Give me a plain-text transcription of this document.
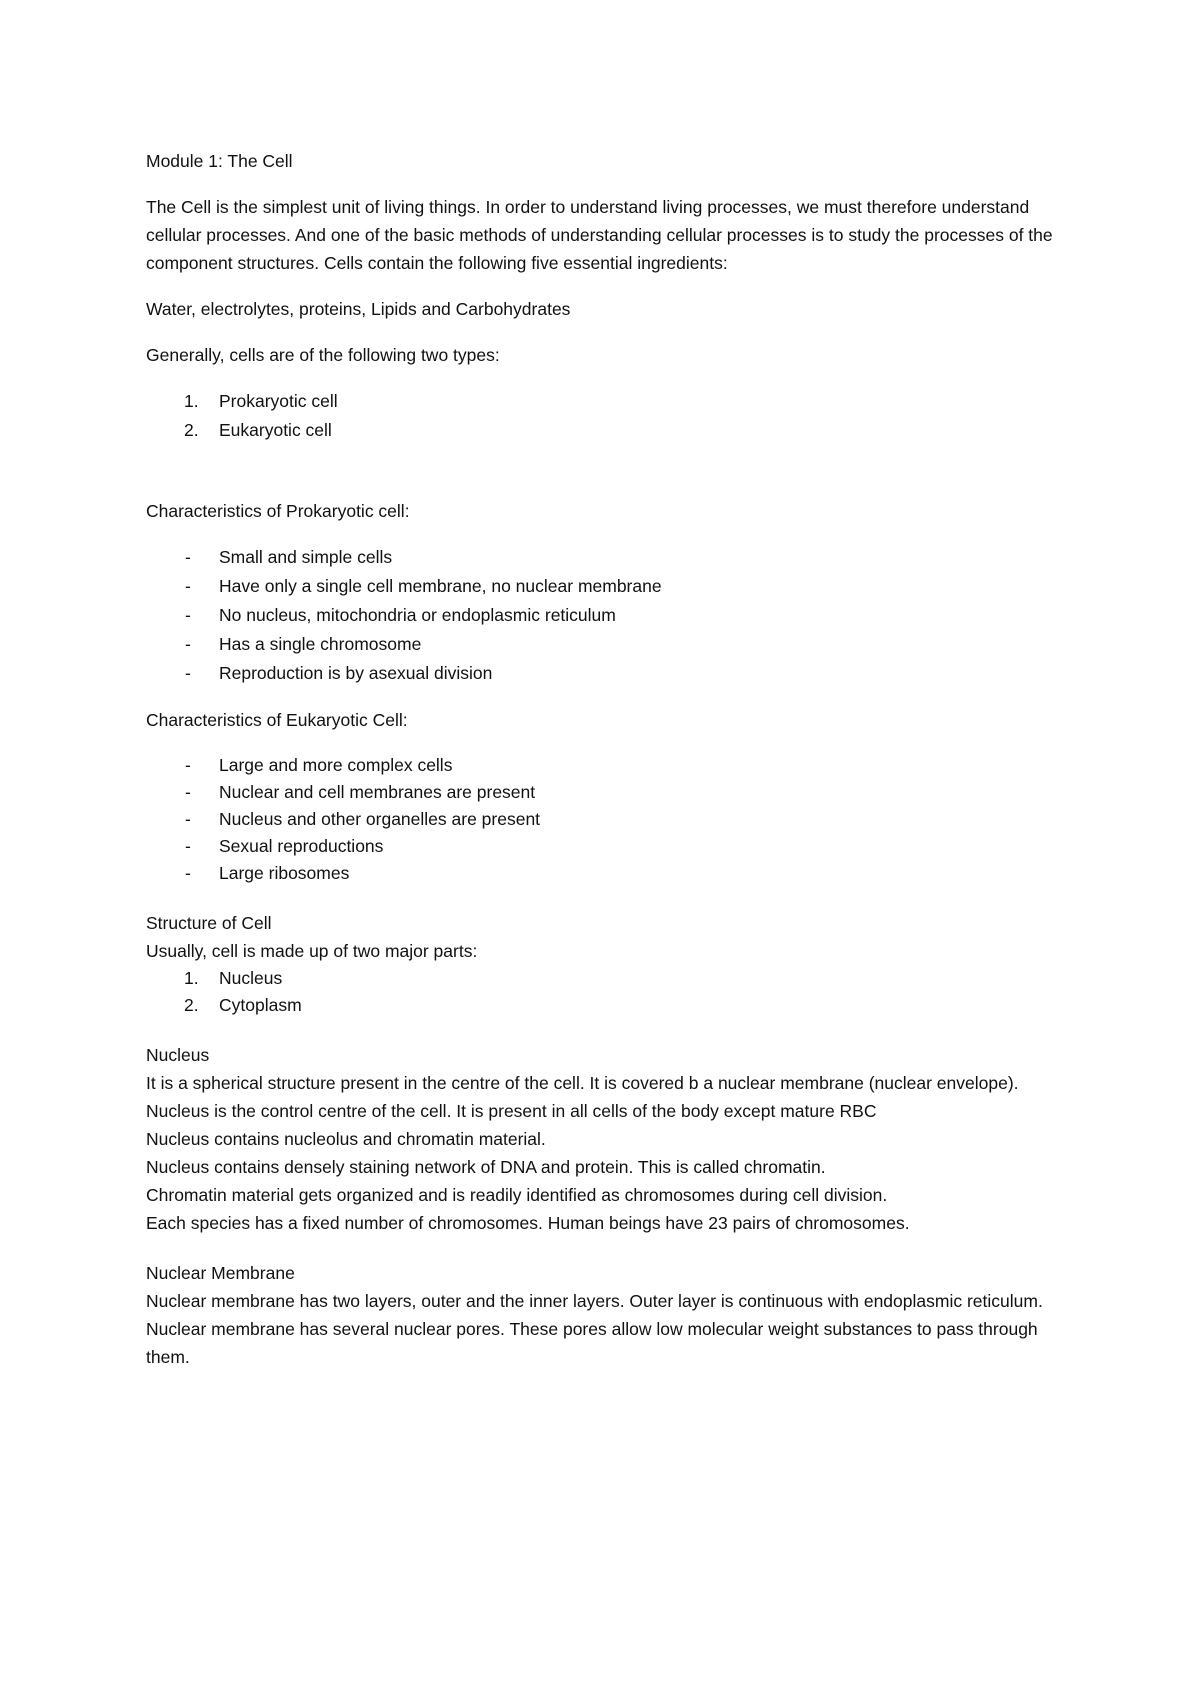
Module 1: The Cell
The Cell is the simplest unit of living things. In order to understand living processes, we must therefore understand cellular processes. And one of the basic methods of understanding cellular processes is to study the processes of the component structures. Cells contain the following five essential ingredients:
Water, electrolytes, proteins, Lipids and Carbohydrates
Generally, cells are of the following two types:
1. Prokaryotic cell
2. Eukaryotic cell
Characteristics of Prokaryotic cell:
- Small and simple cells
- Have only a single cell membrane, no nuclear membrane
- No nucleus, mitochondria or endoplasmic reticulum
- Has a single chromosome
- Reproduction is by asexual division
Characteristics of Eukaryotic Cell:
- Large and more complex cells
- Nuclear and cell membranes are present
- Nucleus and other organelles are present
- Sexual reproductions
- Large ribosomes
Structure of Cell
Usually, cell is made up of two major parts:
1. Nucleus
2. Cytoplasm
Nucleus
It is a spherical structure present in the centre of the cell. It is covered b a nuclear membrane (nuclear envelope).
Nucleus is the control centre of the cell. It is present in all cells of the body except mature RBC
Nucleus contains nucleolus and chromatin material.
Nucleus contains densely staining network of DNA and protein. This is called chromatin.
Chromatin material gets organized and is readily identified as chromosomes during cell division.
Each species has a fixed number of chromosomes. Human beings have 23 pairs of chromosomes.
Nuclear Membrane
Nuclear membrane has two layers, outer and the inner layers. Outer layer is continuous with endoplasmic reticulum.
Nuclear membrane has several nuclear pores. These pores allow low molecular weight substances to pass through them.
